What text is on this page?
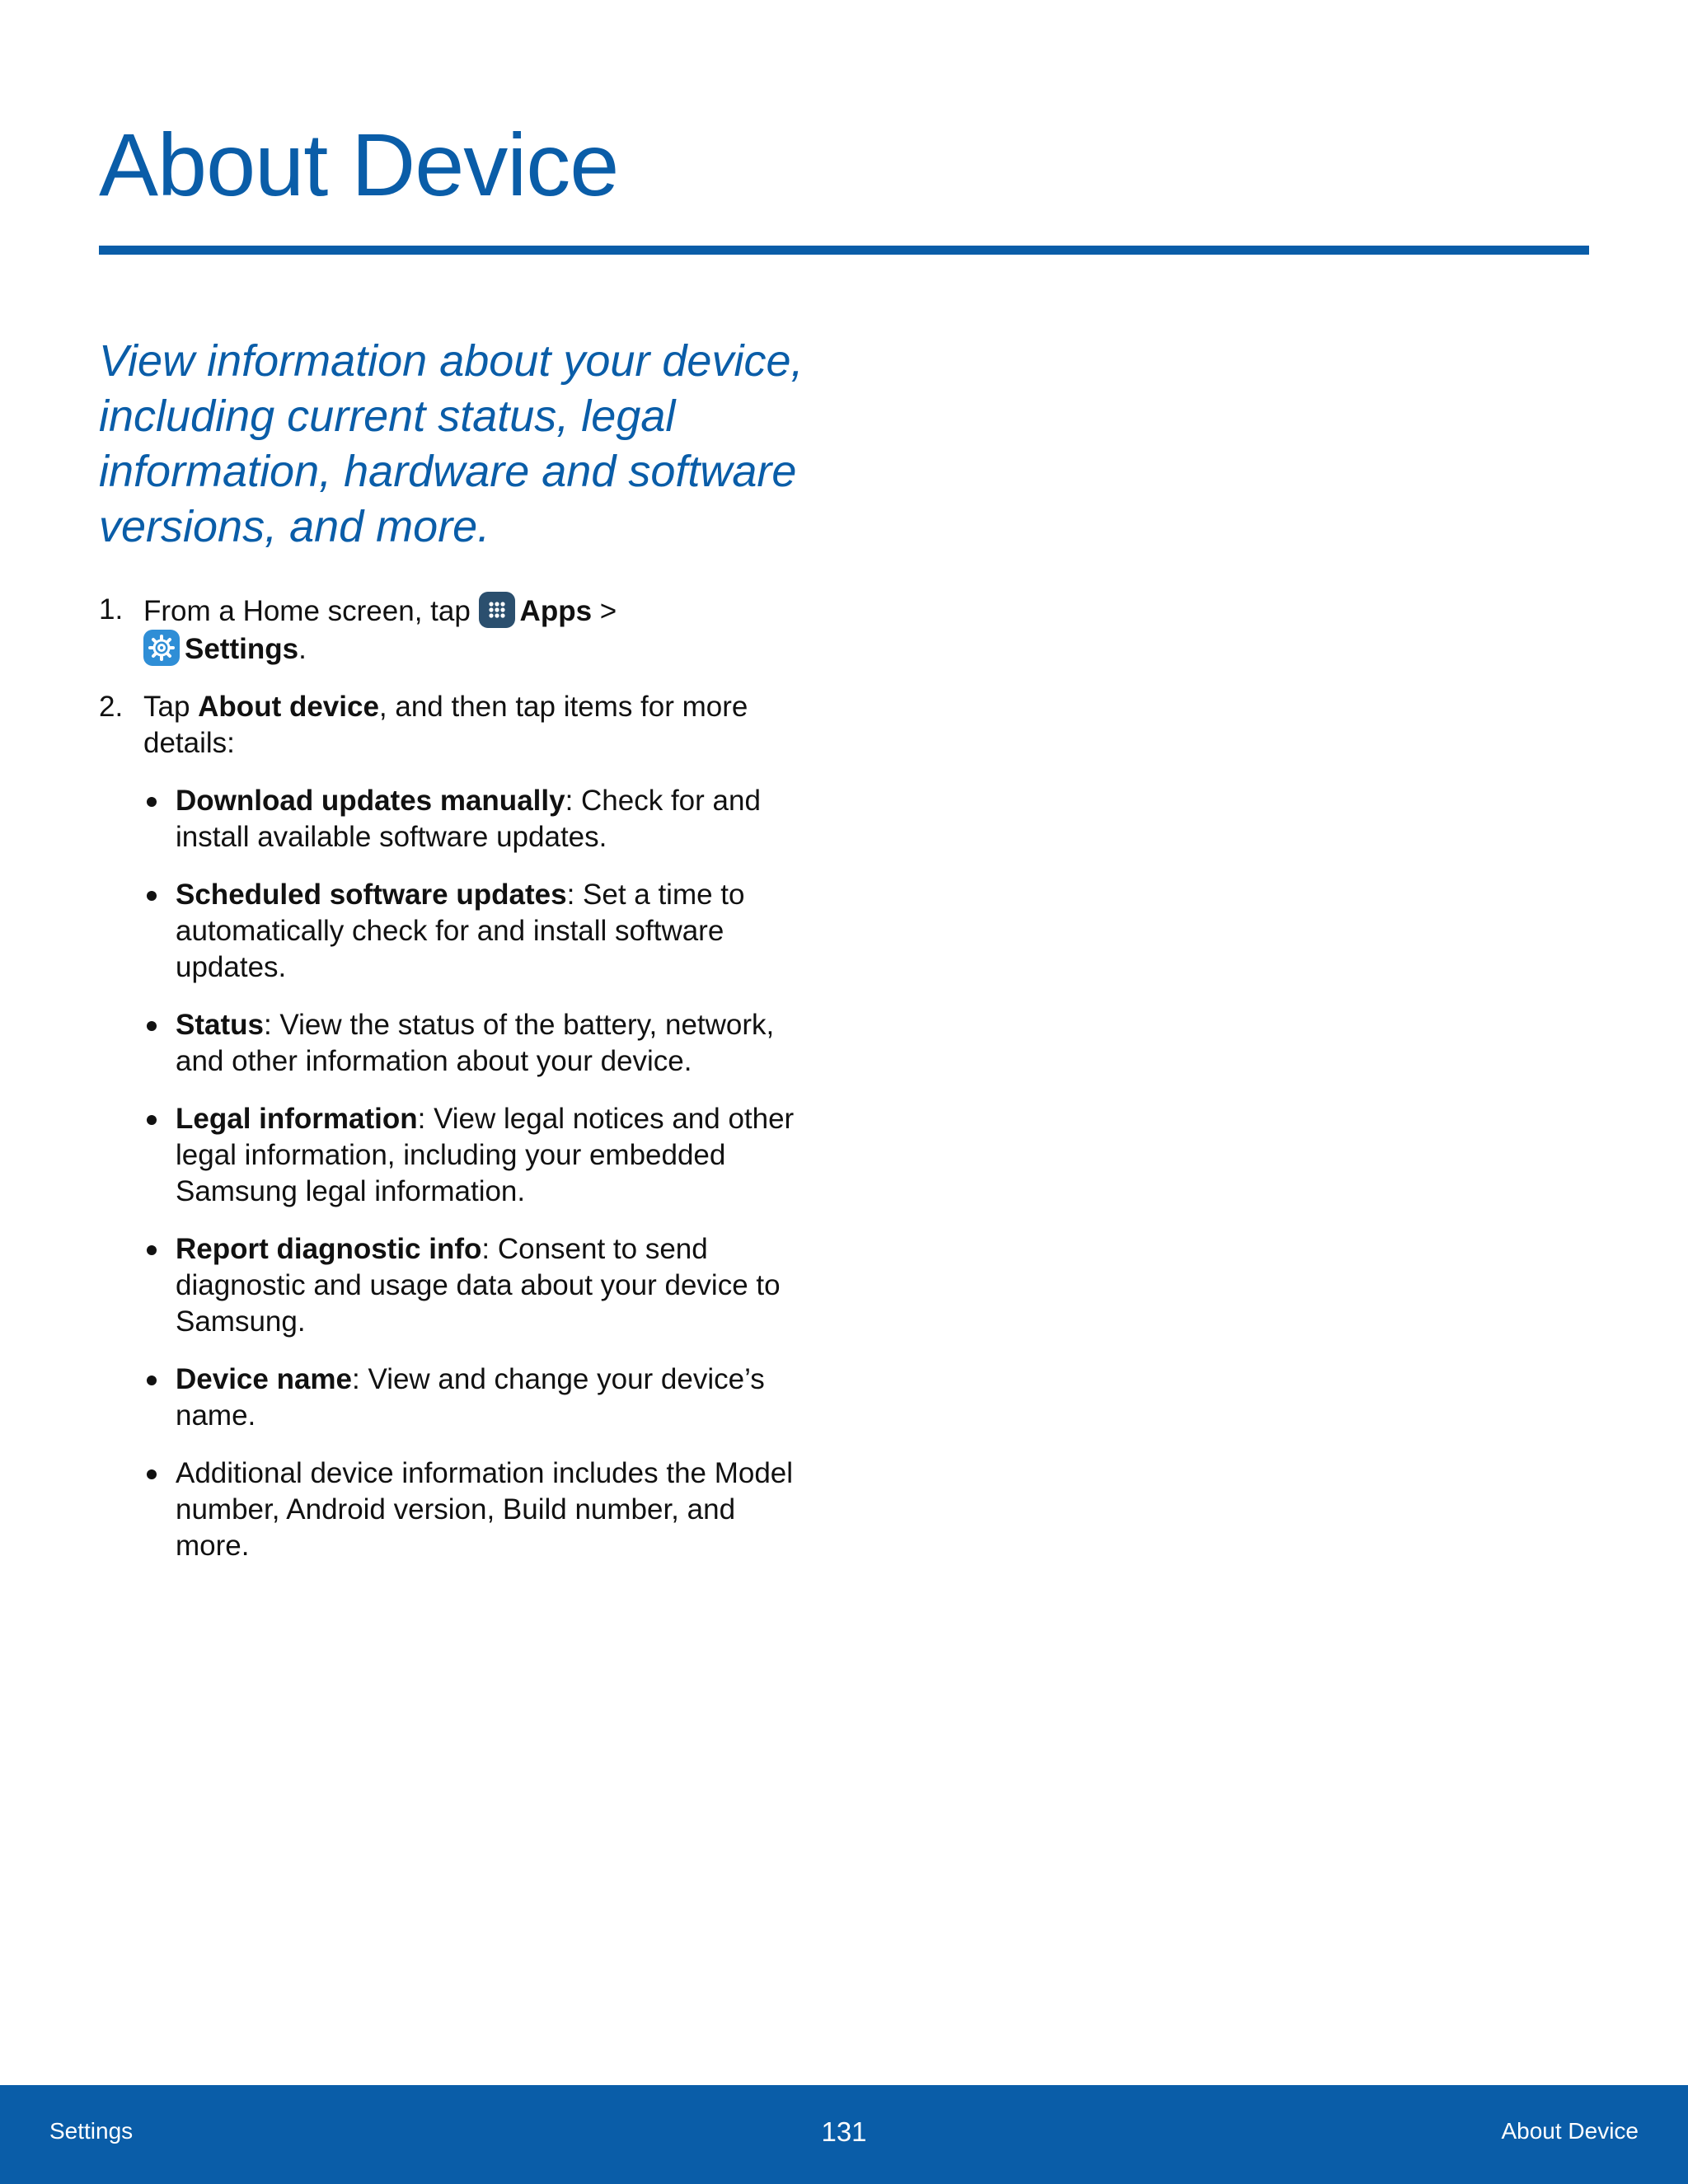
About Device

View information about your device, including current status, legal information, hardware and software versions, and more.

1. From a Home screen, tap
Apps >

Settings.
2. Tap About device, and then tap items for more details:
Download updates manually: Check for and install available software updates.
Scheduled software updates: Set a time to automatically check for and install software updates.
Status: View the status of the battery, network, and other information about your device.
Legal information: View legal notices and other legal information, including your embedded Samsung legal information.
Report diagnostic info: Consent to send diagnostic and usage data about your device to Samsung.
Device name: View and change your device’s name.
Additional device information includes the Model number, Android version, Build number, and more.
Settings	131	About Device
